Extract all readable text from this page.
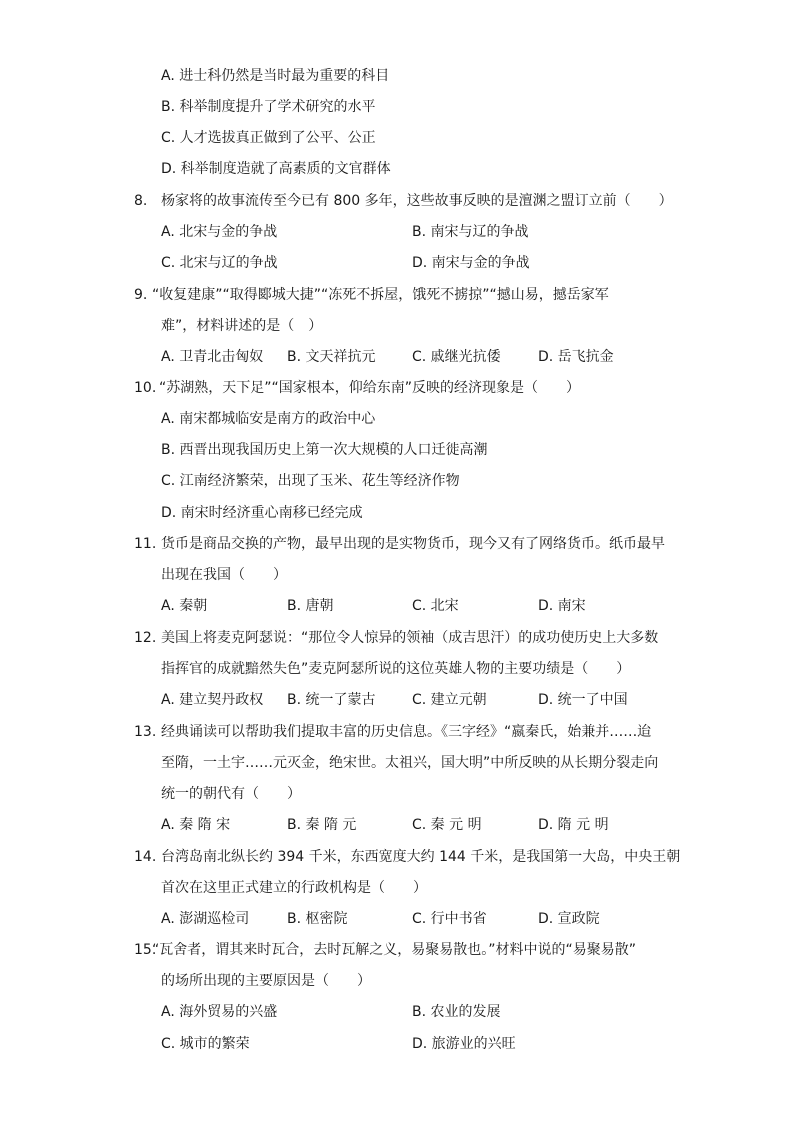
A. 进士科仍然是当时最为重要的科目
B. 科举制度提升了学术研究的水平
C. 人才选拔真正做到了公平、公正
D. 科举制度造就了高素质的文官群体
8. 杨家将的故事流传至今已有 800 多年，这些故事反映的是澶渊之盟订立前（　　）
A. 北宋与金的争战	B. 南宋与辽的争战
C. 北宋与辽的争战	D. 南宋与金的争战
9. “收复建康”“取得郾城大捷”“冻死不拆屋，饿死不掳掠”“撼山易，撼岳家军
难”，材料讲述的是（　）
A. 卫青北击匈奴 B. 文天祥抗元	C. 戚继光抗倭	D. 岳飞抗金
10. “苏湖熟，天下足”“国家根本，仰给东南”反映的经济现象是（　　）
A. 南宋都城临安是南方的政治中心
B. 西晋出现我国历史上第一次大规模的人口迁徙高潮
C. 江南经济繁荣，出现了玉米、花生等经济作物
D. 南宋时经济重心南移已经完成
11. 货币是商品交换的产物，最早出现的是实物货币，现今又有了网络货币。纸币最早
出现在我国（　　）
A. 秦朝	B. 唐朝	C. 北宋	D. 南宋
12. 美国上将麦克阿瑟说：“那位令人惊异的领袖（成吉思汗）的成功使历史上大多数
指挥官的成就黯然失色”麦克阿瑟所说的这位英雄人物的主要功绩是（　　）
A. 建立契丹政权 B. 统一了蒙古	C. 建立元朝	D. 统一了中国
13. 经典诵读可以帮助我们提取丰富的历史信息。《三字经》“嬴秦氏，始兼并……迨
至隋，一土宇……元灭金，绝宋世。太祖兴，国大明”中所反映的从长期分裂走向
统一的朝代有（　　）
A. 秦 隋 宋	B. 秦 隋 元	C. 秦 元 明	D. 隋 元 明
14. 台湾岛南北纵长约 394 千米，东西宽度大约 144 千米，是我国第一大岛，中央王朝
首次在这里正式建立的行政机构是（　　）
A. 澎湖巡检司	B. 枢密院	C. 行中书省	D. 宣政院
15.
“瓦舍者，谓其来时瓦合，去时瓦解之义，易聚易散也。”材料中说的“易聚易散”
的场所出现的主要原因是（　　）
A. 海外贸易的兴盛	B. 农业的发展
C. 城市的繁荣	D. 旅游业的兴旺
